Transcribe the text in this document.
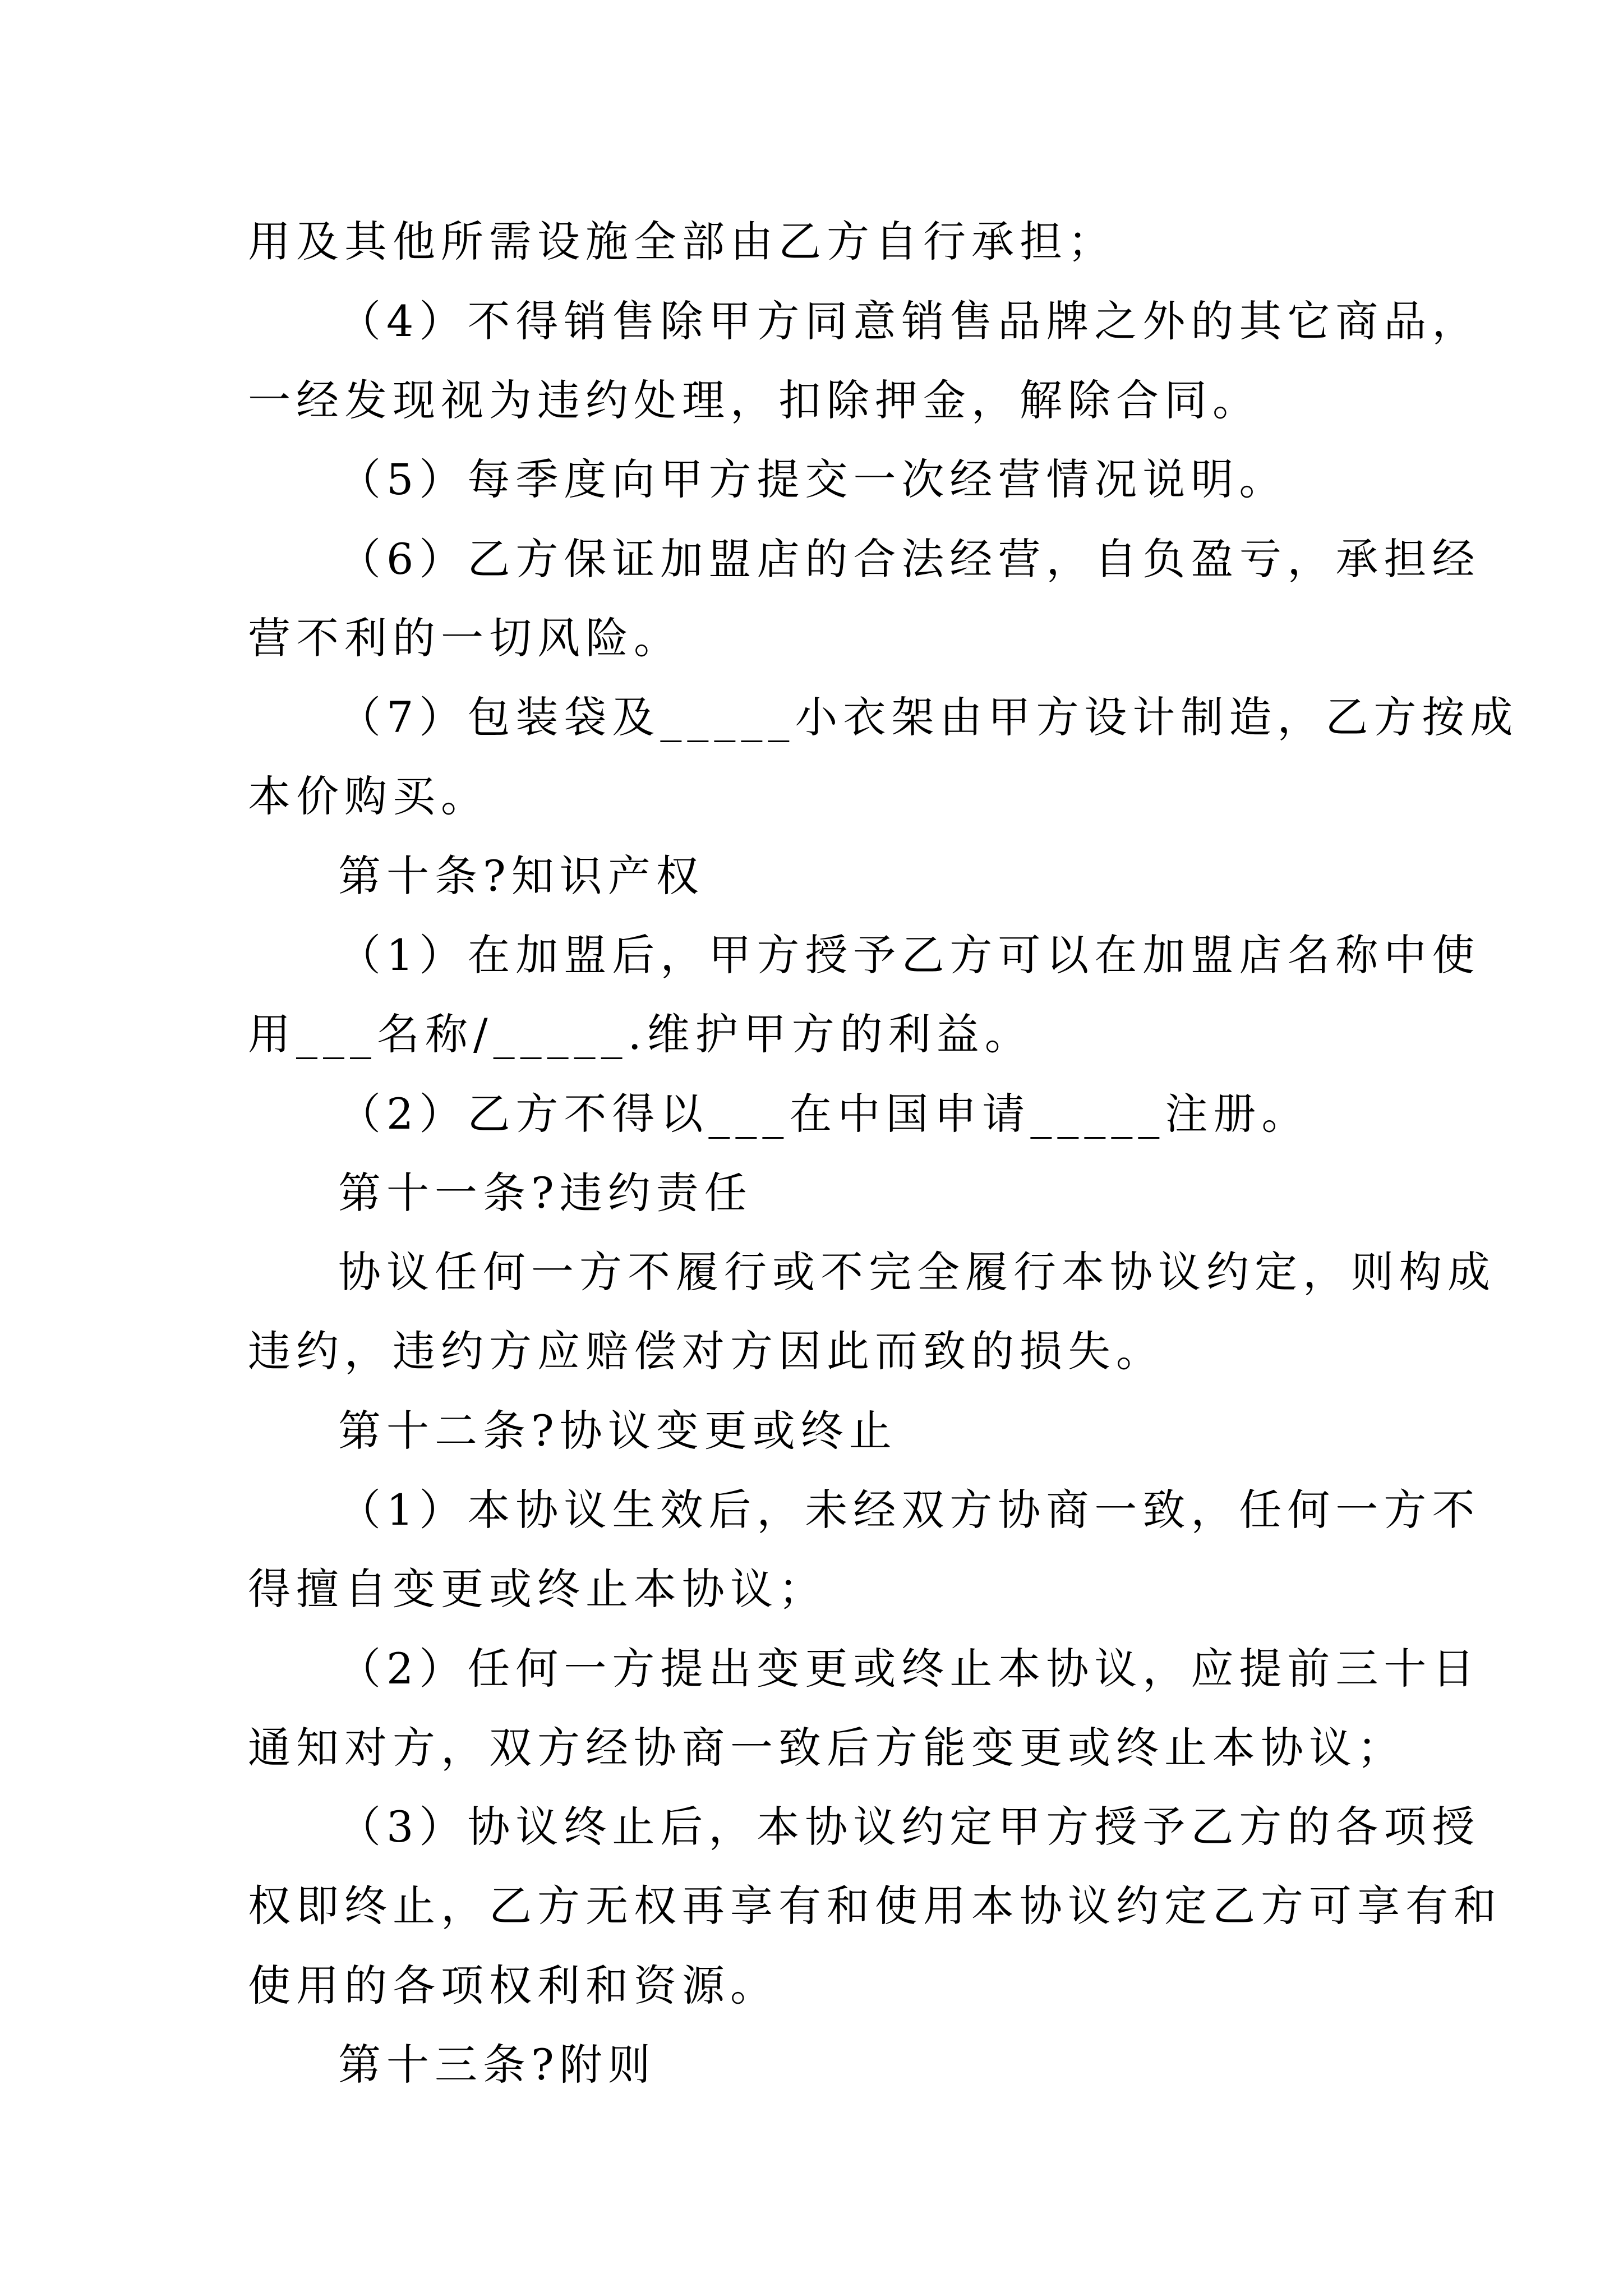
用及其他所需设施全部由乙方自行承担；
（4）不得销售除甲方同意销售品牌之外的其它商品，
一经发现视为违约处理，扣除押金，解除合同。
（5）每季度向甲方提交一次经营情况说明。
（6）乙方保证加盟店的合法经营，自负盈亏，承担经
营不利的一切风险。
（7）包装袋及_____小衣架由甲方设计制造，乙方按成
本价购买。
第十条?知识产权
（1）在加盟后，甲方授予乙方可以在加盟店名称中使
用___名称/_____.维护甲方的利益。
（2）乙方不得以___在中国申请_____注册。
第十一条?违约责任
协议任何一方不履行或不完全履行本协议约定，则构成
违约，违约方应赔偿对方因此而致的损失。
第十二条?协议变更或终止
（1）本协议生效后，未经双方协商一致，任何一方不
得擅自变更或终止本协议；
（2）任何一方提出变更或终止本协议，应提前三十日
通知对方，双方经协商一致后方能变更或终止本协议；
（3）协议终止后，本协议约定甲方授予乙方的各项授
权即终止，乙方无权再享有和使用本协议约定乙方可享有和
使用的各项权利和资源。
第十三条?附则
